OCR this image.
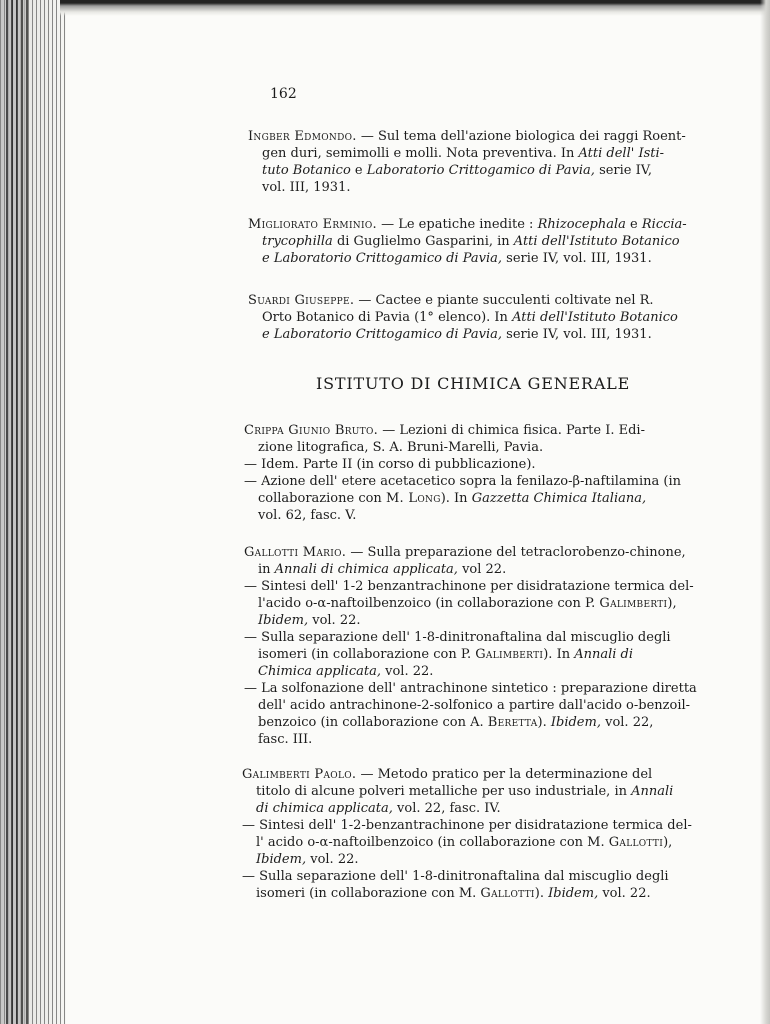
162
Ingber Edmondo. — Sul tema dell'azione biologica dei raggi Roent-
gen duri, semimolli e molli. Nota preventiva. In Atti dell' Isti-
tuto Botanico e Laboratorio Crittogamico di Pavia, serie IV,
vol. III, 1931.
Migliorato Erminio. — Le epatiche inedite : Rhizocephala e Riccia-
trycophilla di Guglielmo Gasparini, in Atti dell'Istituto Botanico
e Laboratorio Crittogamico di Pavia, serie IV, vol. III, 1931.
Suardi Giuseppe. — Cactee e piante succulenti coltivate nel R.
Orto Botanico di Pavia (1° elenco). In Atti dell'Istituto Botanico
e Laboratorio Crittogamico di Pavia, serie IV, vol. III, 1931.
ISTITUTO DI CHIMICA GENERALE
Crippa Giunio Bruto. — Lezioni di chimica fisica. Parte I. Edi-
zione litografica, S. A. Bruni-Marelli, Pavia.
— Idem. Parte II (in corso di pubblicazione).
— Azione dell' etere acetacetico sopra la fenilazo-β-naftilamina (in
collaborazione con M. Long). In Gazzetta Chimica Italiana,
vol. 62, fasc. V.
Gallotti Mario. — Sulla preparazione del tetraclorobenzo-chinone,
in Annali di chimica applicata, vol 22.
— Sintesi dell' 1-2 benzantrachinone per disidratazione termica del-
l'acido o-α-naftoilbenzoico (in collaborazione con P. Galimberti),
Ibidem, vol. 22.
— Sulla separazione dell' 1-8-dinitronaftalina dal miscuglio degli
isomeri (in collaborazione con P. Galimberti). In Annali di
Chimica applicata, vol. 22.
— La solfonazione dell' antrachinone sintetico : preparazione diretta
dell' acido antrachinone-2-solfonico a partire dall'acido o-benzoil-
benzoico (in collaborazione con A. Beretta). Ibidem, vol. 22,
fasc. III.
Galimberti Paolo. — Metodo pratico per la determinazione del
titolo di alcune polveri metalliche per uso industriale, in Annali
di chimica applicata, vol. 22, fasc. IV.
— Sintesi dell' 1-2-benzantrachinone per disidratazione termica del-
l' acido o-α-naftoilbenzoico (in collaborazione con M. Gallotti),
Ibidem, vol. 22.
— Sulla separazione dell' 1-8-dinitronaftalina dal miscuglio degli
isomeri (in collaborazione con M. Gallotti). Ibidem, vol. 22.
